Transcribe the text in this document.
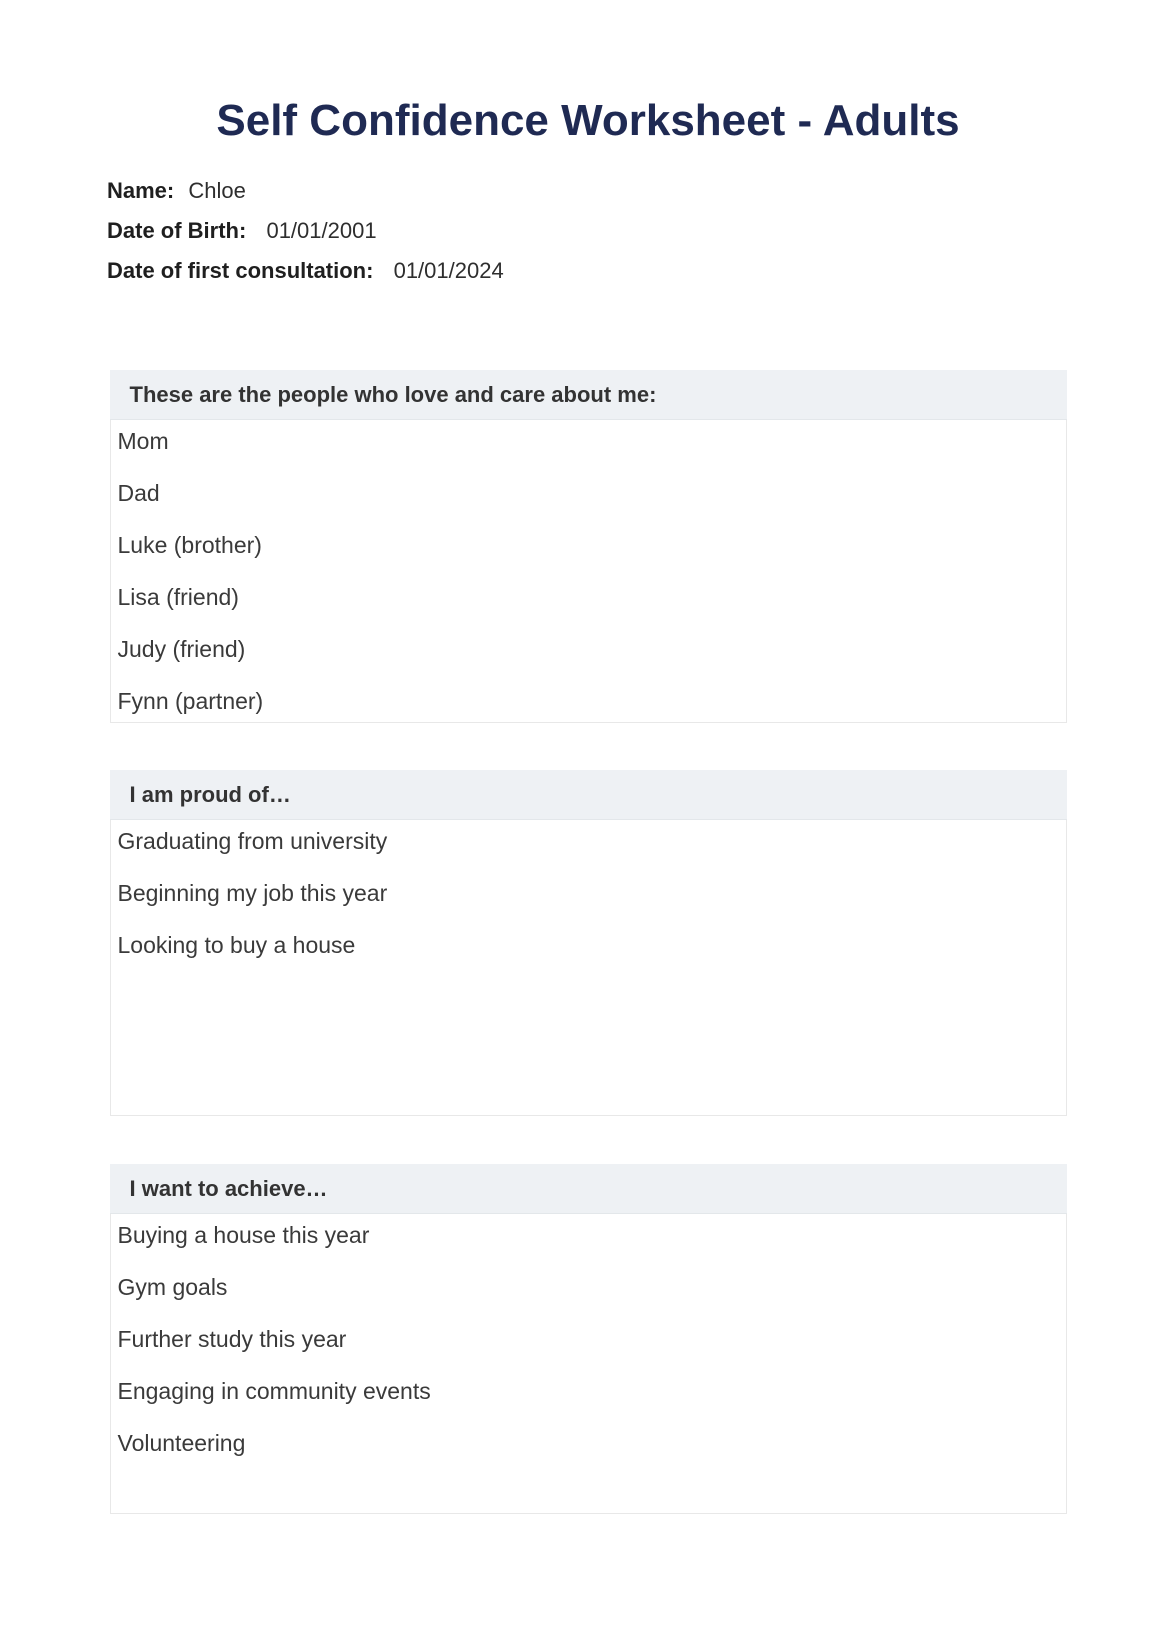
Self Confidence Worksheet - Adults
Name: Chloe
Date of Birth: 01/01/2001
Date of first consultation: 01/01/2024
These are the people who love and care about me:

Mom

Dad

Luke (brother)

Lisa (friend)

Judy (friend)

Fynn (partner)

I am proud of…

Graduating from university

Beginning my job this year

Looking to buy a house

I want to achieve…

Buying a house this year

Gym goals

Further study this year

Engaging in community events

Volunteering
